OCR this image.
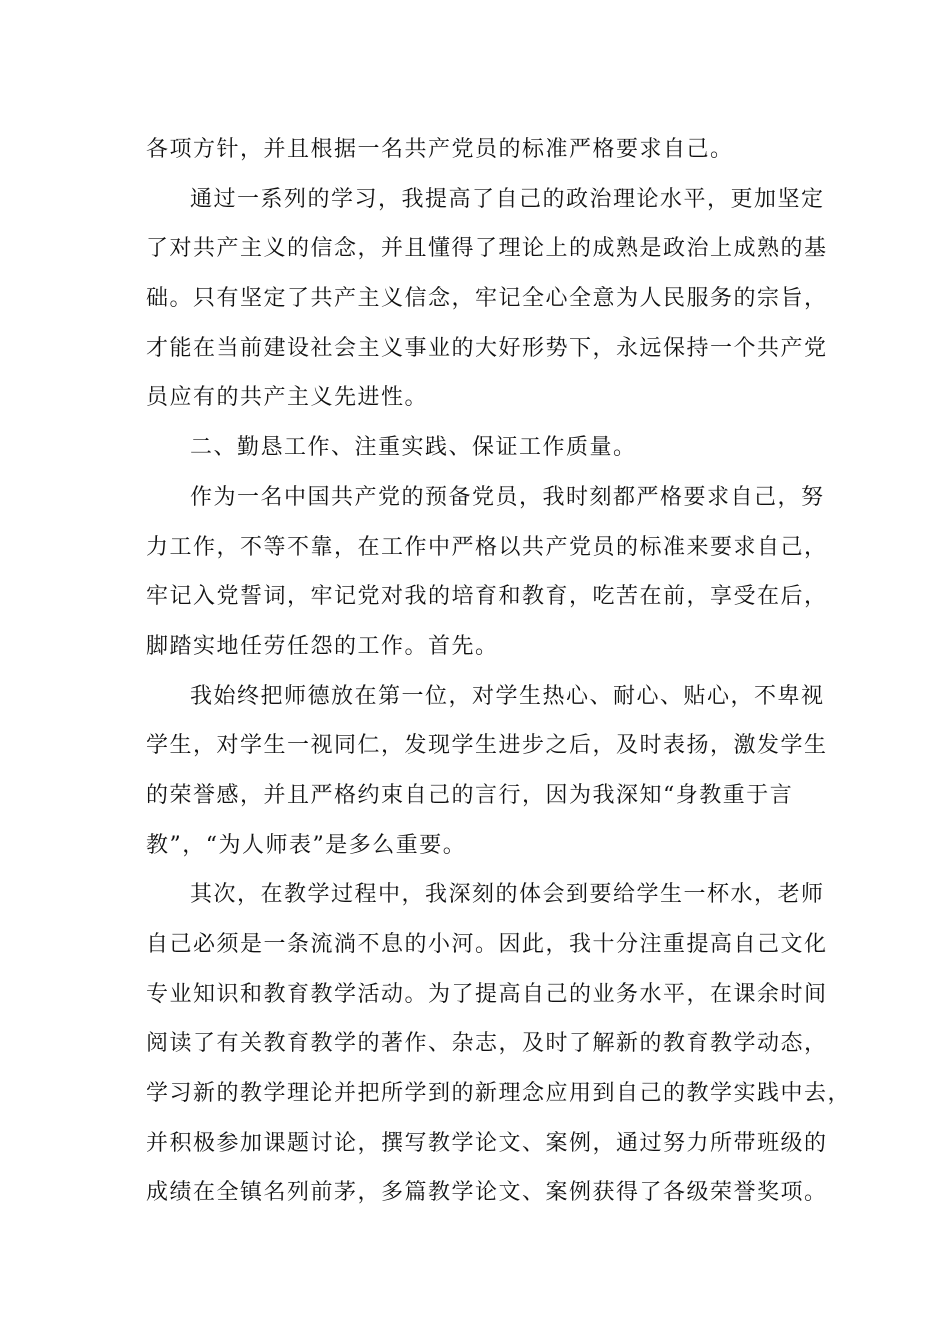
各项方针，并且根据一名共产党员的标准严格要求自己。
通过一系列的学习，我提高了自己的政治理论水平，更加坚定
了对共产主义的信念，并且懂得了理论上的成熟是政治上成熟的基
础。只有坚定了共产主义信念，牢记全心全意为人民服务的宗旨，
才能在当前建设社会主义事业的大好形势下，永远保持一个共产党
员应有的共产主义先进性。
二、勤恳工作、注重实践、保证工作质量。
作为一名中国共产党的预备党员，我时刻都严格要求自己，努
力工作，不等不靠，在工作中严格以共产党员的标准来要求自己，
牢记入党誓词，牢记党对我的培育和教育，吃苦在前，享受在后，
脚踏实地任劳任怨的工作。首先。
我始终把师德放在第一位，对学生热心、耐心、贴心，不卑视
学生，对学生一视同仁，发现学生进步之后，及时表扬，激发学生
的荣誉感，并且严格约束自己的言行，因为我深知“身教重于言
教”，“为人师表”是多么重要。
其次，在教学过程中，我深刻的体会到要给学生一杯水，老师
自己必须是一条流淌不息的小河。因此，我十分注重提高自己文化
专业知识和教育教学活动。为了提高自己的业务水平，在课余时间
阅读了有关教育教学的著作、杂志，及时了解新的教育教学动态，
学习新的教学理论并把所学到的新理念应用到自己的教学实践中去，
并积极参加课题讨论，撰写教学论文、案例，通过努力所带班级的
成绩在全镇名列前茅，多篇教学论文、案例获得了各级荣誉奖项。
